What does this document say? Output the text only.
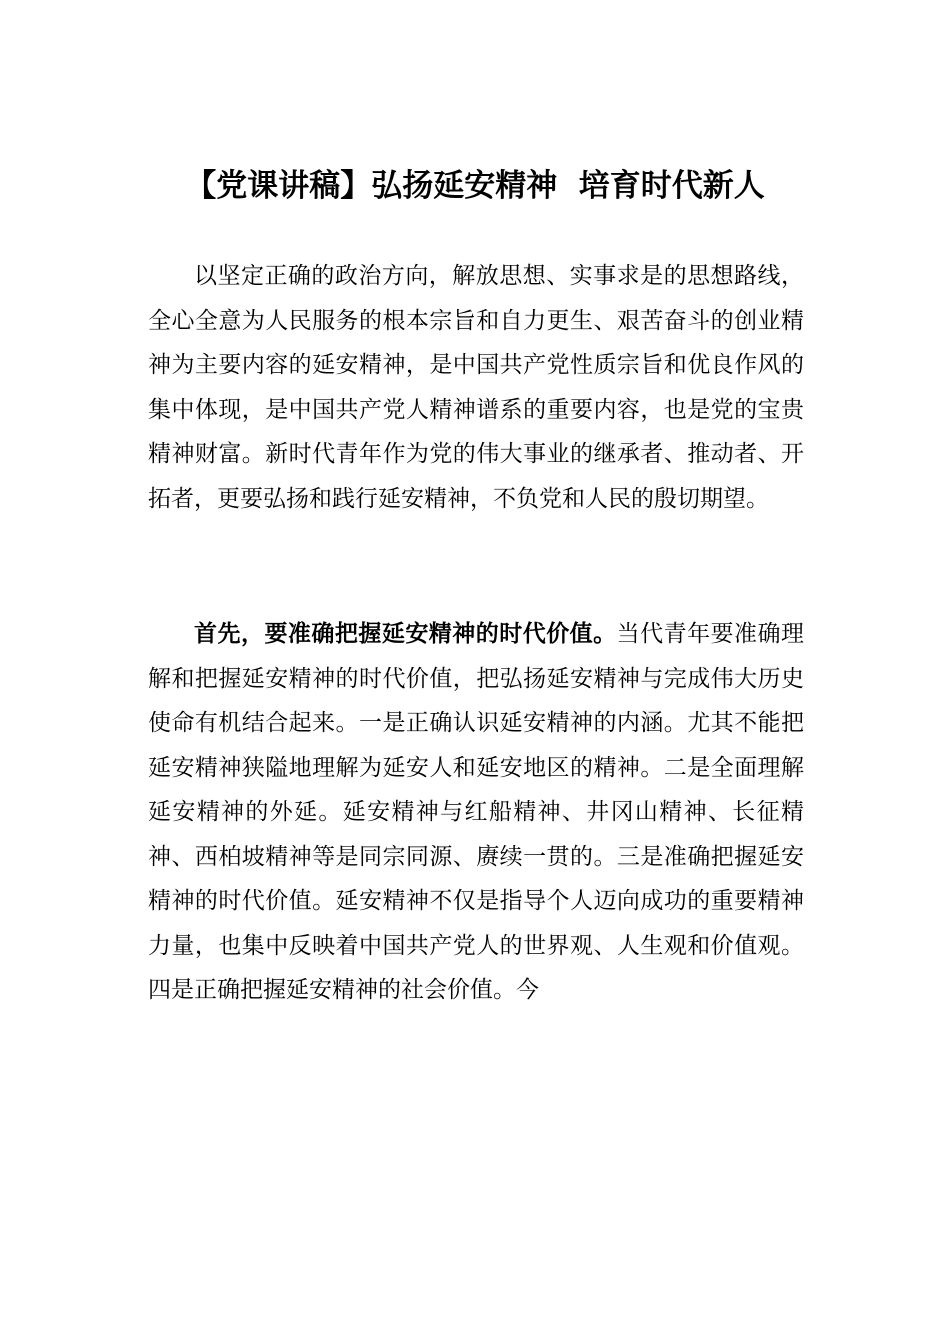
【党课讲稿】弘扬延安精神  培育时代新人

以坚定正确的政治方向，解放思想、实事求是的思想路线，全心全意为人民服务的根本宗旨和自力更生、艰苦奋斗的创业精神为主要内容的延安精神，是中国共产党性质宗旨和优良作风的集中体现，是中国共产党人精神谱系的重要内容，也是党的宝贵精神财富。新时代青年作为党的伟大事业的继承者、推动者、开拓者，更要弘扬和践行延安精神，不负党和人民的殷切期望。

首先，要准确把握延安精神的时代价值。当代青年要准确理解和把握延安精神的时代价值，把弘扬延安精神与完成伟大历史使命有机结合起来。一是正确认识延安精神的内涵。尤其不能把延安精神狭隘地理解为延安人和延安地区的精神。二是全面理解延安精神的外延。延安精神与红船精神、井冈山精神、长征精神、西柏坡精神等是同宗同源、赓续一贯的。三是准确把握延安精神的时代价值。延安精神不仅是指导个人迈向成功的重要精神力量，也集中反映着中国共产党人的世界观、人生观和价值观。四是正确把握延安精神的社会价值。今
